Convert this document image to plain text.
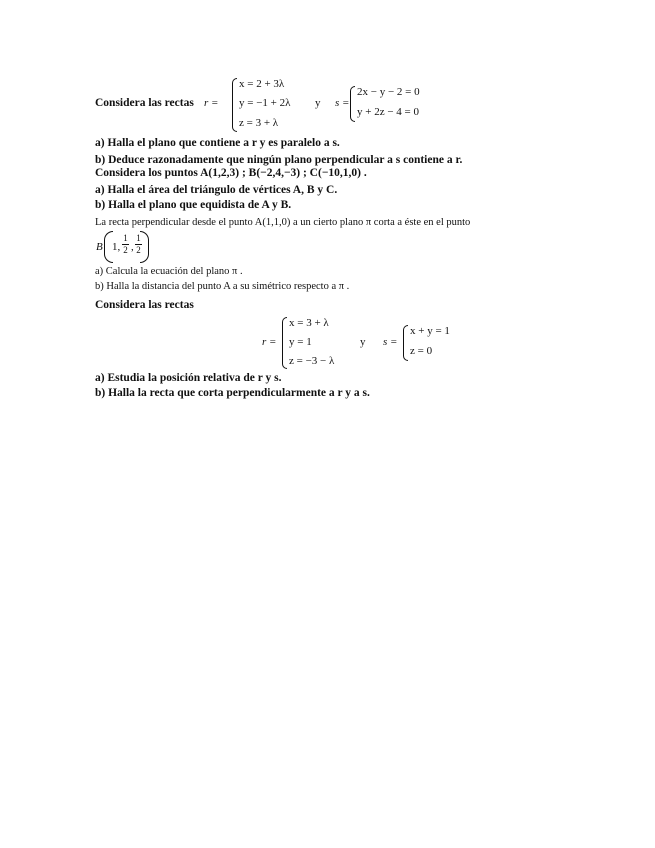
Considera las rectas r =
x = 2 + 3λ
y = −1 + 2λ
z = 3 + λ
y s =
2x − y − 2 = 0
y + 2z − 4 = 0
a) Halla el plano que contiene a r y es paralelo a s.
b) Deduce razonadamente que ningún plano perpendicular a s contiene a r.
Considera los puntos A(1,2,3) ; B(−2,4,−3) ; C(−10,1,0) .
a) Halla el área del triángulo de vértices A, B y C.
b) Halla el plano que equidista de A y B.
La recta perpendicular desde el punto A(1,1,0) a un cierto plano π corta a éste en el punto
B 1,
1
2 ,
1
2
a) Calcula la ecuación del plano π .
b) Halla la distancia del punto A a su simétrico respecto a π .
Considera las rectas
r =
x = 3 + λ
y = 1
z = −3 − λ
y s =
x + y = 1
z = 0
a) Estudia la posición relativa de r y s.
b) Halla la recta que corta perpendicularmente a r y a s.
